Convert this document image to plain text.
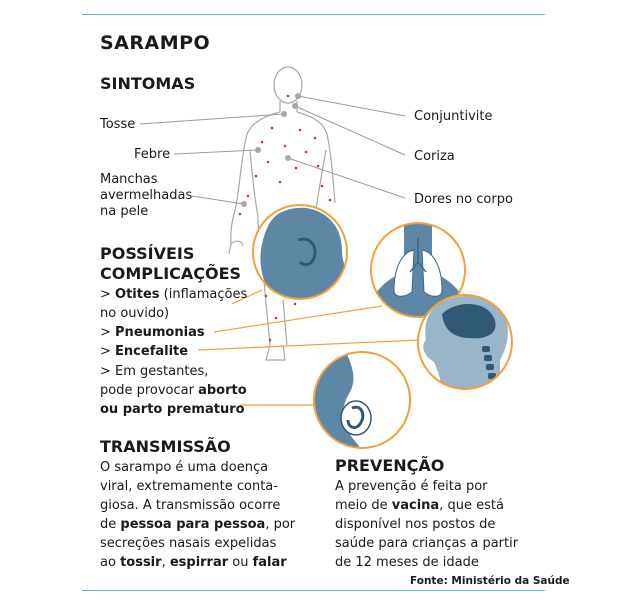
SARAMPO
SINTOMAS
Tosse
Febre
Manchas
avermelhadas
na pele
Conjuntivite
Coriza
Dores no corpo
POSSÍVEIS
COMPLICAÇÕES
> Otites (inflamações
no ouvido)
> Pneumonias
> Encefalite
> Em gestantes,
pode provocar aborto
ou parto prematuro
TRANSMISSÃO
O sarampo é uma doença
viral, extremamente conta-
giosa. A transmissão ocorre
de pessoa para pessoa, por
secreções nasais expelidas
ao tossir, espirrar ou falar
PREVENÇÃO
A prevenção é feita por
meio de vacina, que está
disponível nos postos de
saúde para crianças a partir
de 12 meses de idade
Fonte: Ministério da Saúde
